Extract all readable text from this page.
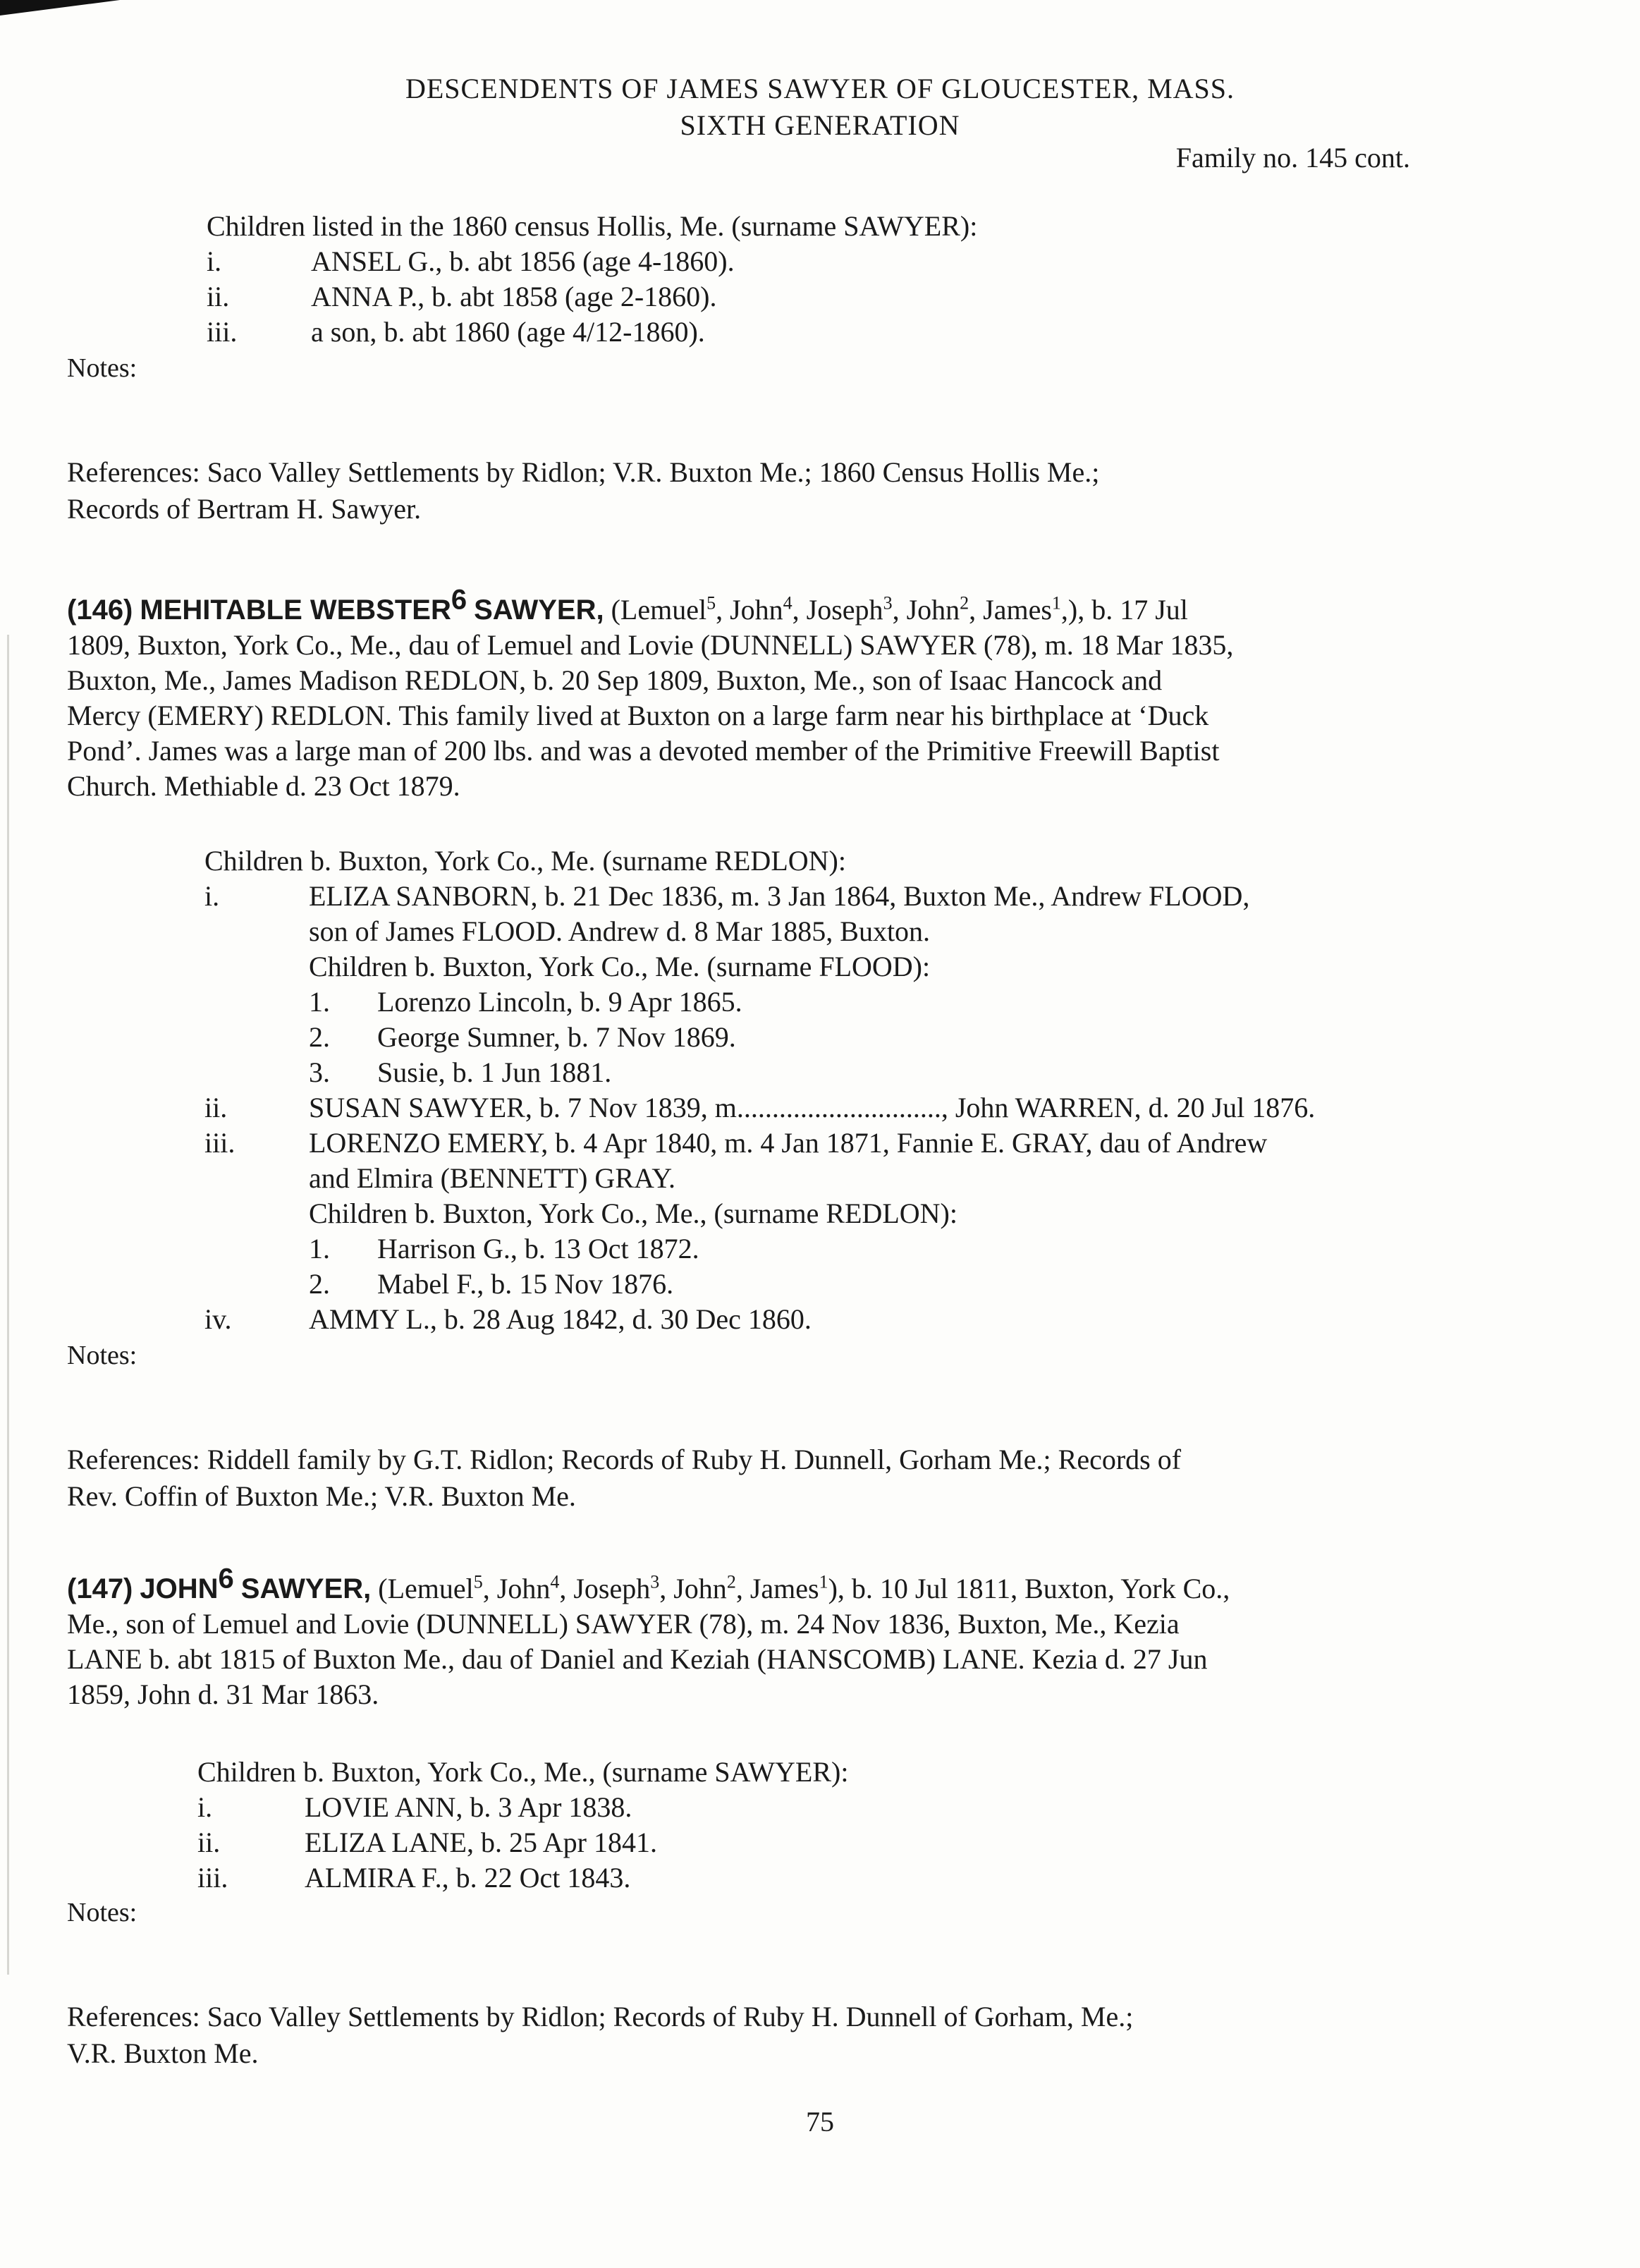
DESCENDENTS OF JAMES SAWYER OF GLOUCESTER, MASS.
SIXTH GENERATION
Family no. 145 cont.
Children listed in the 1860 census Hollis, Me. (surname SAWYER):
i.	ANSEL G., b. abt 1856 (age 4-1860).
ii.	ANNA P., b. abt 1858 (age 2-1860).
iii.	a son, b. abt 1860 (age 4/12-1860).
Notes:
References: Saco Valley Settlements by Ridlon; V.R. Buxton Me.; 1860 Census Hollis Me.;
Records of Bertram H. Sawyer.
(146) MEHITABLE WEBSTER$^6$ SAWYER, (Lemuel$^5$, John$^4$, Joseph$^3$, John$^2$, James$^1$,), b. 17 Jul
1809, Buxton, York Co., Me., dau of Lemuel and Lovie (DUNNELL) SAWYER (78), m. 18 Mar 1835,
Buxton, Me., James Madison REDLON, b. 20 Sep 1809, Buxton, Me., son of Isaac Hancock and
Mercy (EMERY) REDLON. This family lived at Buxton on a large farm near his birthplace at ‘Duck
Pond’. James was a large man of 200 lbs. and was a devoted member of the Primitive Freewill Baptist
Church. Methiable d. 23 Oct 1879.
Children b. Buxton, York Co., Me. (surname REDLON):
i.	ELIZA SANBORN, b. 21 Dec 1836, m. 3 Jan 1864, Buxton Me., Andrew FLOOD,
son of James FLOOD. Andrew d. 8 Mar 1885, Buxton.
Children b. Buxton, York Co., Me. (surname FLOOD):
1. Lorenzo Lincoln, b. 9 Apr 1865.
2. George Sumner, b. 7 Nov 1869.
3. Susie, b. 1 Jun 1881.
ii.	SUSAN SAWYER, b. 7 Nov 1839, m............................., John WARREN, d. 20 Jul 1876.
iii.	LORENZO EMERY, b. 4 Apr 1840, m. 4 Jan 1871, Fannie E. GRAY, dau of Andrew
and Elmira (BENNETT) GRAY.
Children b. Buxton, York Co., Me., (surname REDLON):
1. Harrison G., b. 13 Oct 1872.
2. Mabel F., b. 15 Nov 1876.
iv.	AMMY L., b. 28 Aug 1842, d. 30 Dec 1860.
Notes:
References: Riddell family by G.T. Ridlon; Records of Ruby H. Dunnell, Gorham Me.; Records of
Rev. Coffin of Buxton Me.; V.R. Buxton Me.
(147) JOHN$^6$ SAWYER, (Lemuel$^5$, John$^4$, Joseph$^3$, John$^2$, James$^1$), b. 10 Jul 1811, Buxton, York Co.,
Me., son of Lemuel and Lovie (DUNNELL) SAWYER (78), m. 24 Nov 1836, Buxton, Me., Kezia
LANE b. abt 1815 of Buxton Me., dau of Daniel and Keziah (HANSCOMB) LANE. Kezia d. 27 Jun
1859, John d. 31 Mar 1863.
Children b. Buxton, York Co., Me., (surname SAWYER):
i.	LOVIE ANN, b. 3 Apr 1838.
ii.	ELIZA LANE, b. 25 Apr 1841.
iii.	ALMIRA F., b. 22 Oct 1843.
Notes:
References: Saco Valley Settlements by Ridlon; Records of Ruby H. Dunnell of Gorham, Me.;
V.R. Buxton Me.
75
